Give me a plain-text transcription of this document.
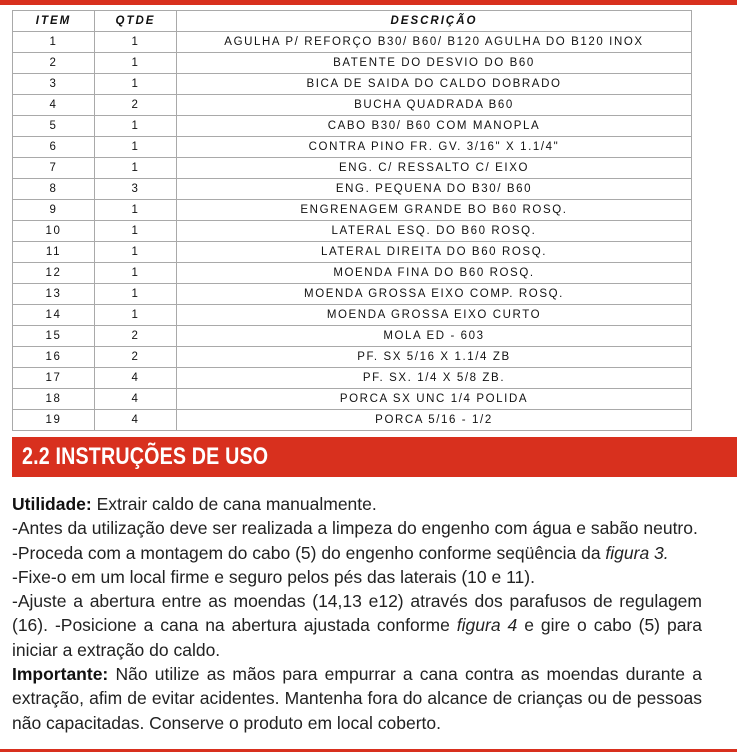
ITEM	QTDE	DESCRIÇÃO
1	1	AGULHA P/ REFORÇO B30/ B60/ B120 AGULHA DO B120 INOX
2	1	BATENTE DO DESVIO DO B60
3	1	BICA DE SAIDA DO CALDO DOBRADO
4	2	BUCHA QUADRADA B60
5	1	CABO B30/ B60 COM MANOPLA
6	1	CONTRA PINO FR. GV. 3/16" X 1.1/4"
7	1	ENG. C/ RESSALTO C/ EIXO
8	3	ENG. PEQUENA DO B30/ B60
9	1	ENGRENAGEM GRANDE BO B60 ROSQ.
10	1	LATERAL ESQ. DO B60 ROSQ.
11	1	LATERAL DIREITA DO B60 ROSQ.
12	1	MOENDA FINA DO B60 ROSQ.
13	1	MOENDA GROSSA EIXO COMP. ROSQ.
14	1	MOENDA GROSSA EIXO CURTO
15	2	MOLA ED - 603
16	2	PF. SX 5/16 X 1.1/4 ZB
17	4	PF. SX. 1/4 X 5/8 ZB.
18	4	PORCA SX UNC 1/4 POLIDA
19	4	PORCA 5/16 - 1/2
2.2 INSTRUÇÕES DE USO

Utilidade: Extrair caldo de cana manualmente.

-Antes da utilização deve ser realizada a limpeza do engenho com água e sabão neutro.

-Proceda com a montagem do cabo (5) do engenho conforme seqüência da figura 3.

-Fixe-o em um local firme e seguro pelos pés das laterais (10 e 11).

-Ajuste a abertura entre as moendas (14,13 e12) através dos parafusos de regulagem (16). -Posicione a cana na abertura ajustada conforme figura 4 e gire o cabo (5) para iniciar a extração do caldo.

Importante: Não utilize as mãos para empurrar a cana contra as moendas durante a extração, afim de evitar acidentes. Mantenha fora do alcance de crianças ou de pessoas não capacitadas. Conserve o produto em local coberto.
